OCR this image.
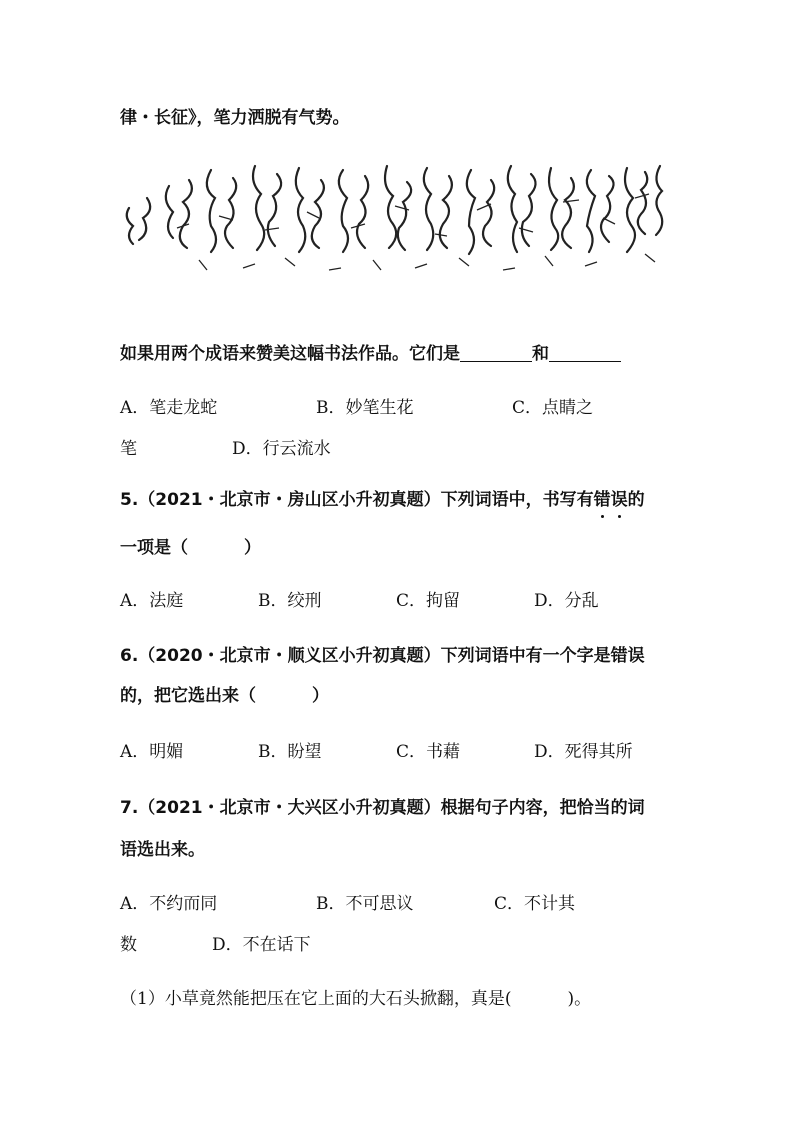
律・长征》，笔力洒脱有气势。
如果用两个成语来赞美这幅书法作品。它们是	和
A．笔走龙蛇	B．妙笔生花	C．点睛之
笔	D．行云流水
5.（2021・北京市・房山区小升初真题）下列词语中，书写有错误的
一项是（	）
A．法庭	B．绞刑	C．拘留	D．分乱
6.（2020・北京市・顺义区小升初真题）下列词语中有一个字是错误
的，把它选出来（	）
A．明媚	B．盼望	C．书藉	D．死得其所
7.（2021・北京市・大兴区小升初真题）根据句子内容，把恰当的词
语选出来。
A．不约而同	B．不可思议	C．不计其
数	D．不在话下
（1）小草竟然能把压在它上面的大石头掀翻，真是(	)。
